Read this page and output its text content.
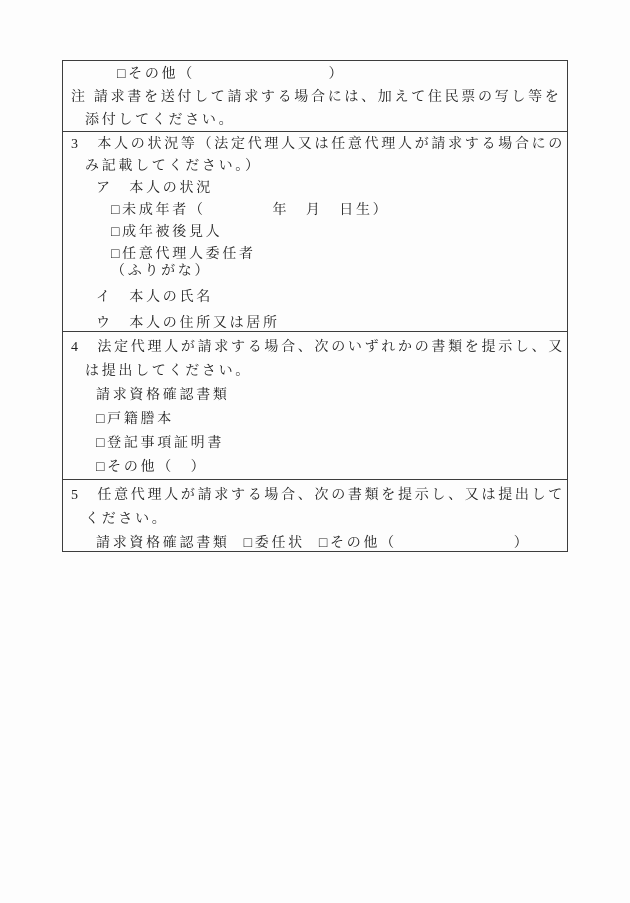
□その他（　　　　　　　　）
注 請求書を送付して請求する場合には、加えて住民票の写し等を
添付してください。
3　本人の状況等（法定代理人又は任意代理人が請求する場合にの
み記載してください。）
ア　本人の状況
□未成年者（　　　　年　月　日生）
□成年被後見人
□任意代理人委任者
（ふりがな）
イ　本人の氏名
ウ　本人の住所又は居所
4　法定代理人が請求する場合、次のいずれかの書類を提示し、又
は提出してください。
請求資格確認書類
□戸籍謄本
□登記事項証明書
□その他（　）
5　任意代理人が請求する場合、次の書類を提示し、又は提出して
ください。
請求資格確認書類 □委任状 □その他（　　　　　　　）
